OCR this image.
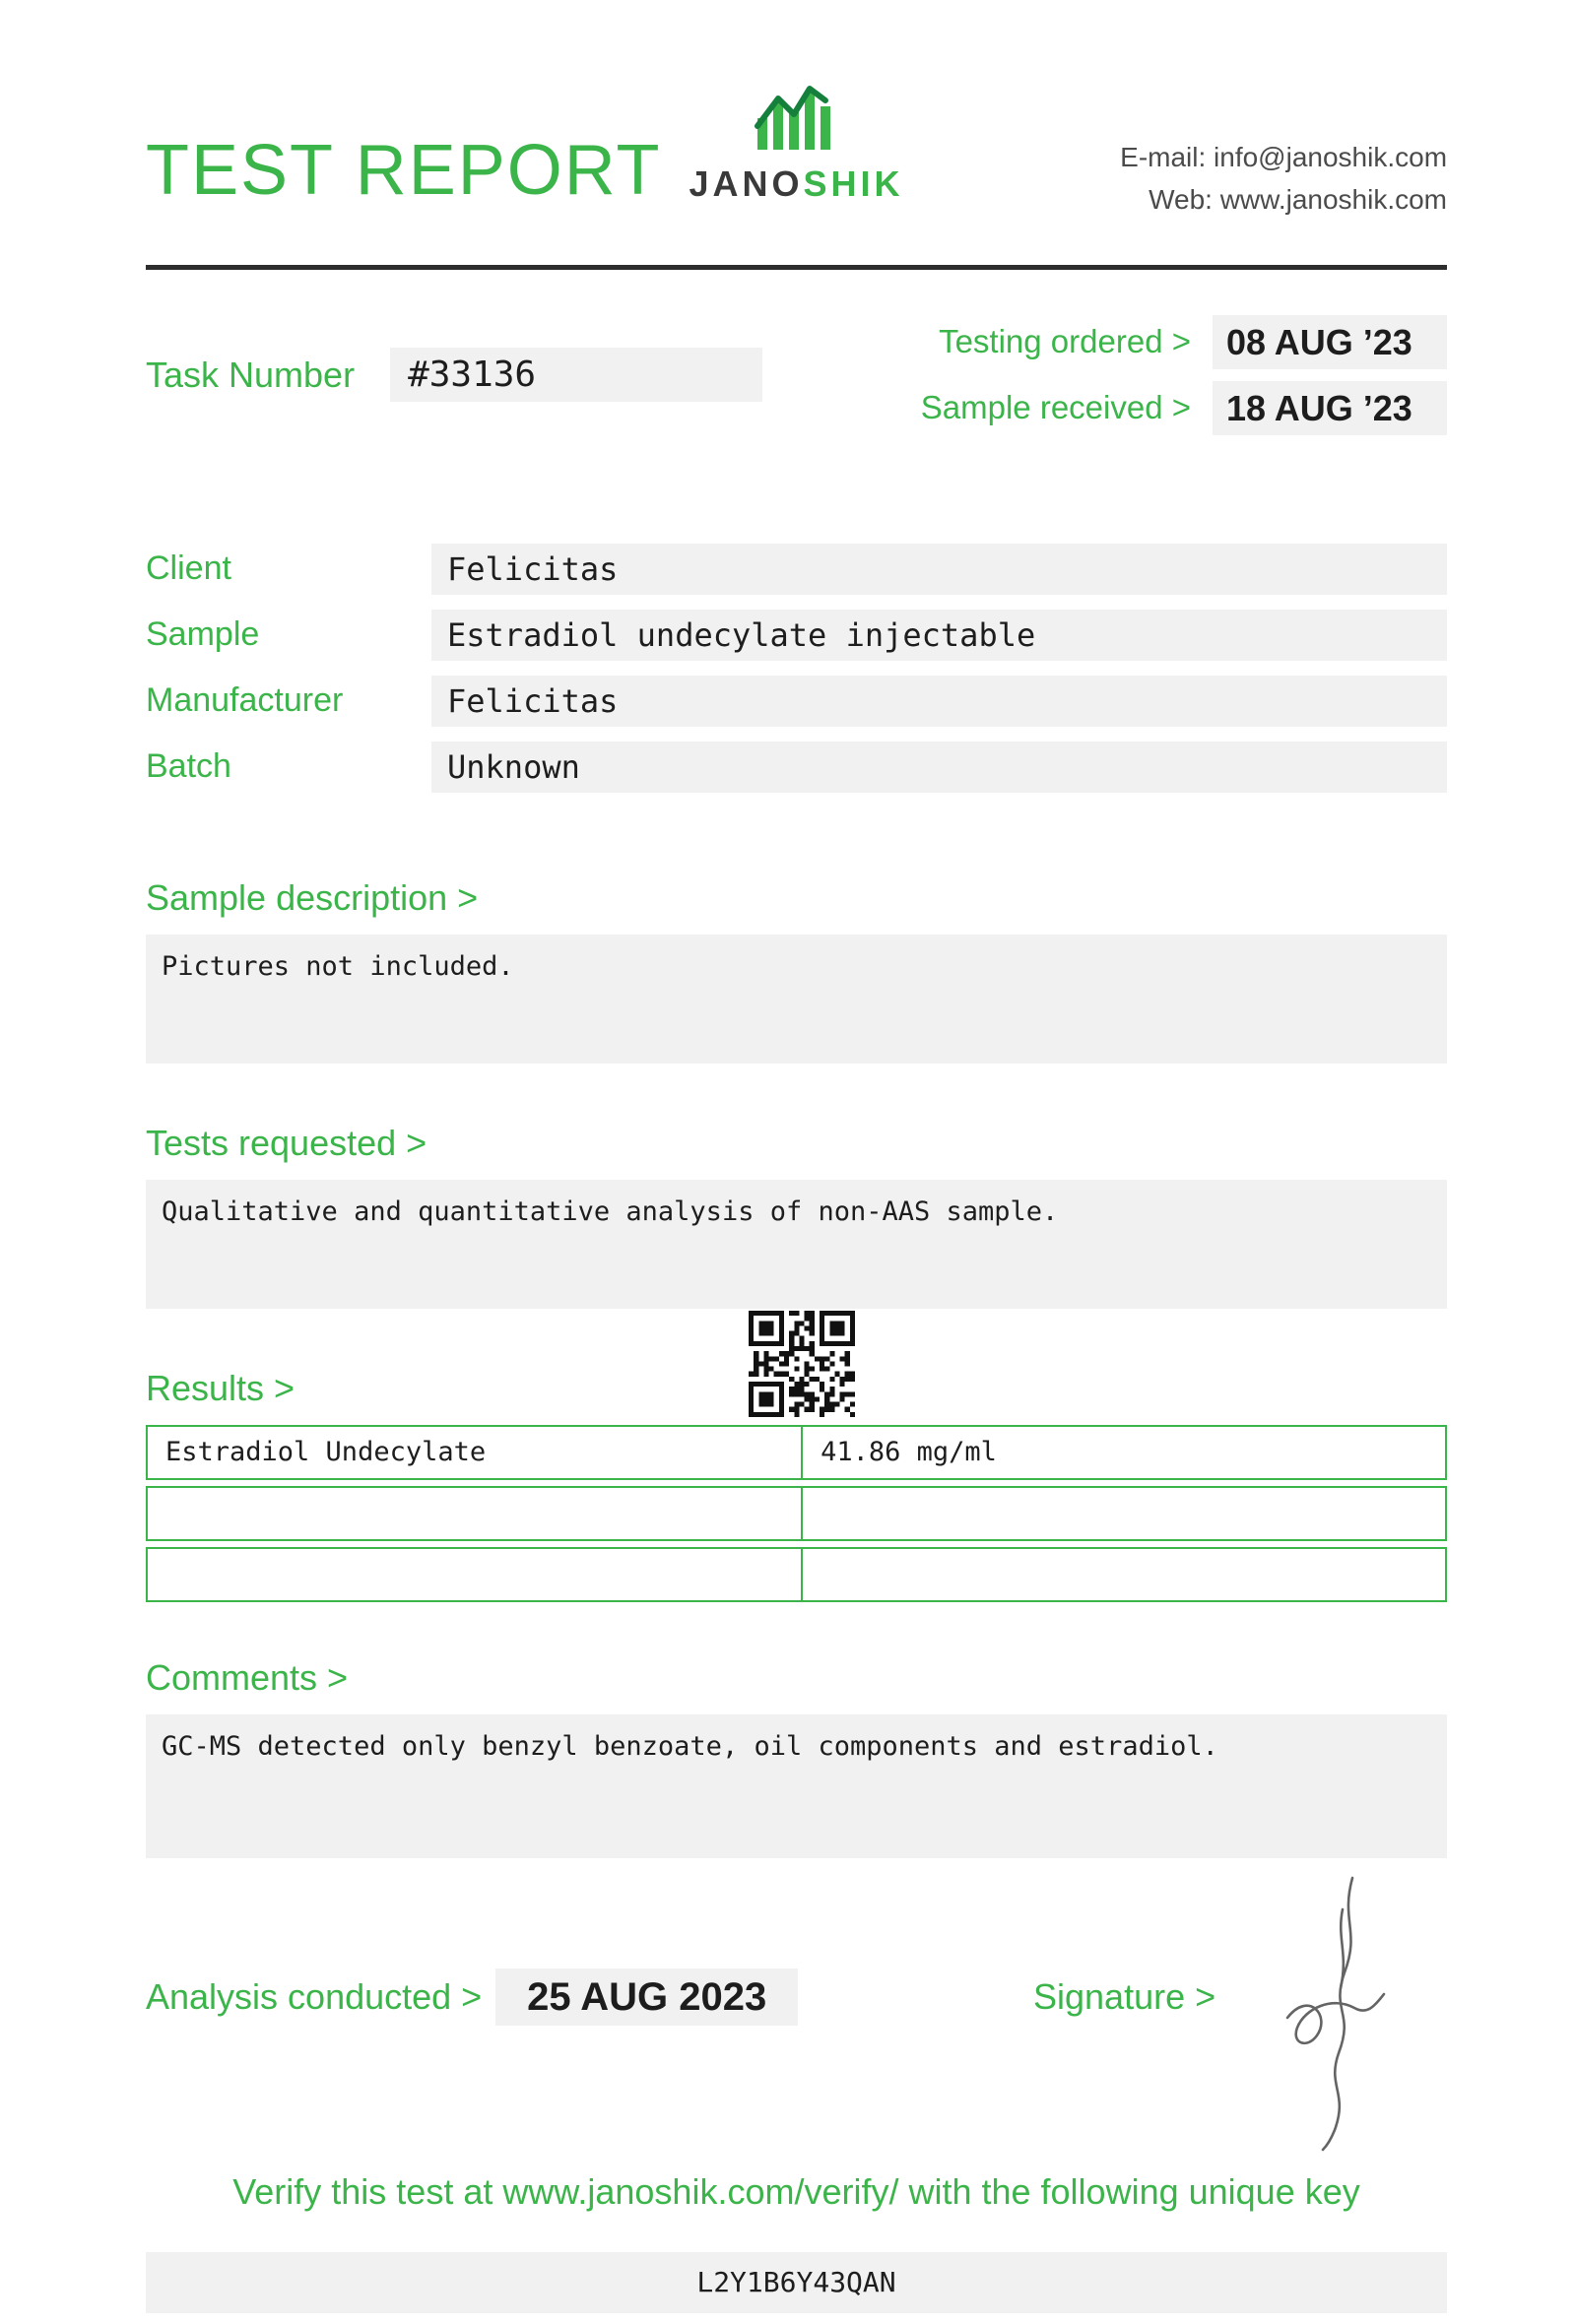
TEST REPORT JANOSHIK
E-mail: info@janoshik.com
Web: www.janoshik.com
Task Number	#33136
Testing ordered >	08 AUG ’23
Sample received >	18 AUG ’23
Client	Felicitas
Sample	Estradiol undecylate injectable
Manufacturer	Felicitas
Batch	Unknown
Sample description >
Pictures not included.
Tests requested >
Qualitative and quantitative analysis of non-AAS sample.
Results >
Estradiol Undecylate	41.86 mg/ml
Comments >
GC-MS detected only benzyl benzoate, oil components and estradiol.
Analysis conducted >	25 AUG 2023	Signature >
Verify this test at www.janoshik.com/verify/ with the following unique key
L2Y1B6Y43QAN
